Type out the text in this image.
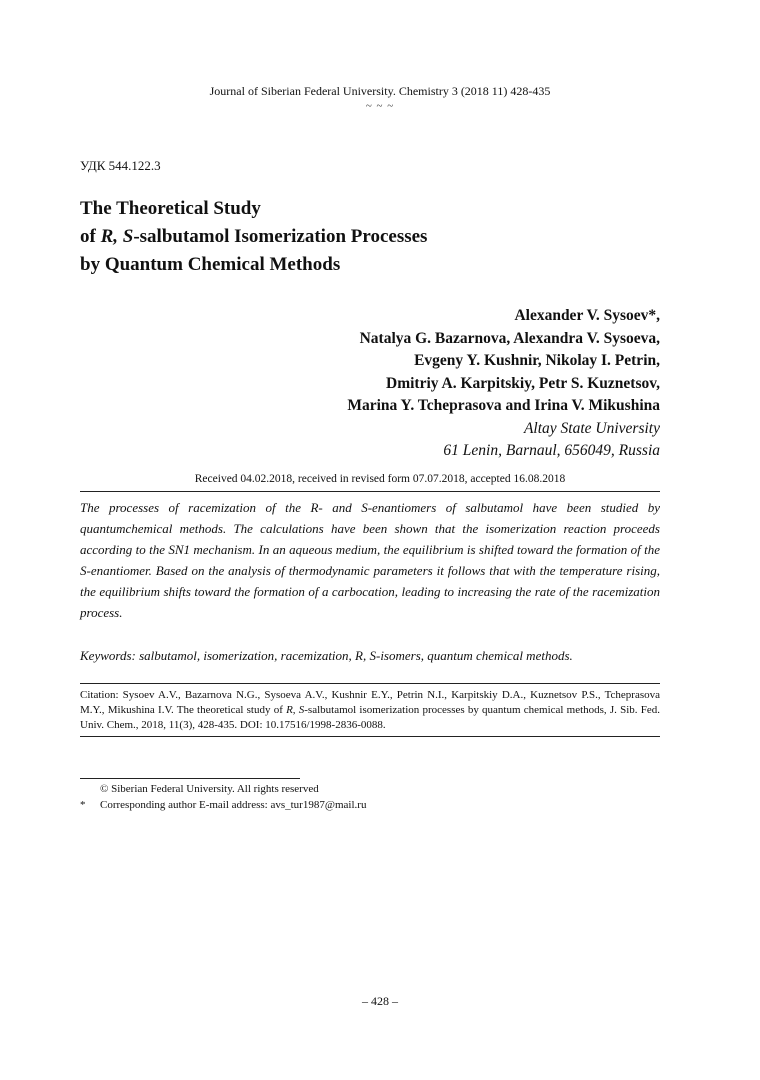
Journal of Siberian Federal University. Chemistry 3 (2018 11) 428-435
~ ~ ~
УДК 544.122.3
The Theoretical Study
of R, S-salbutamol Isomerization Processes
by Quantum Chemical Methods
Alexander V. Sysoev*,
Natalya G. Bazarnova, Alexandra V. Sysoeva,
Evgeny Y. Kushnir, Nikolay I. Petrin,
Dmitriy A. Karpitskiy, Petr S. Kuznetsov,
Marina Y. Tcheprasova and Irina V. Mikushina
Altay State University
61 Lenin, Barnaul, 656049, Russia
Received 04.02.2018, received in revised form 07.07.2018, accepted 16.08.2018
The processes of racemization of the R- and S-enantiomers of salbutamol have been studied by quantumchemical methods. The calculations have been shown that the isomerization reaction proceeds according to the SN1 mechanism. In an aqueous medium, the equilibrium is shifted toward the formation of the S-enantiomer. Based on the analysis of thermodynamic parameters it follows that with the temperature rising, the equilibrium shifts toward the formation of a carbocation, leading to increasing the rate of the racemization process.
Keywords: salbutamol, isomerization, racemization, R, S-isomers, quantum chemical methods.
Citation: Sysoev A.V., Bazarnova N.G., Sysoeva A.V., Kushnir E.Y., Petrin N.I., Karpitskiy D.A., Kuznetsov P.S., Tcheprasova M.Y., Mikushina I.V. The theoretical study of R, S-salbutamol isomerization processes by quantum chemical methods, J. Sib. Fed. Univ. Chem., 2018, 11(3), 428-435. DOI: 10.17516/1998-2836-0088.
© Siberian Federal University. All rights reserved
* Corresponding author E-mail address: avs_tur1987@mail.ru
– 428 –
